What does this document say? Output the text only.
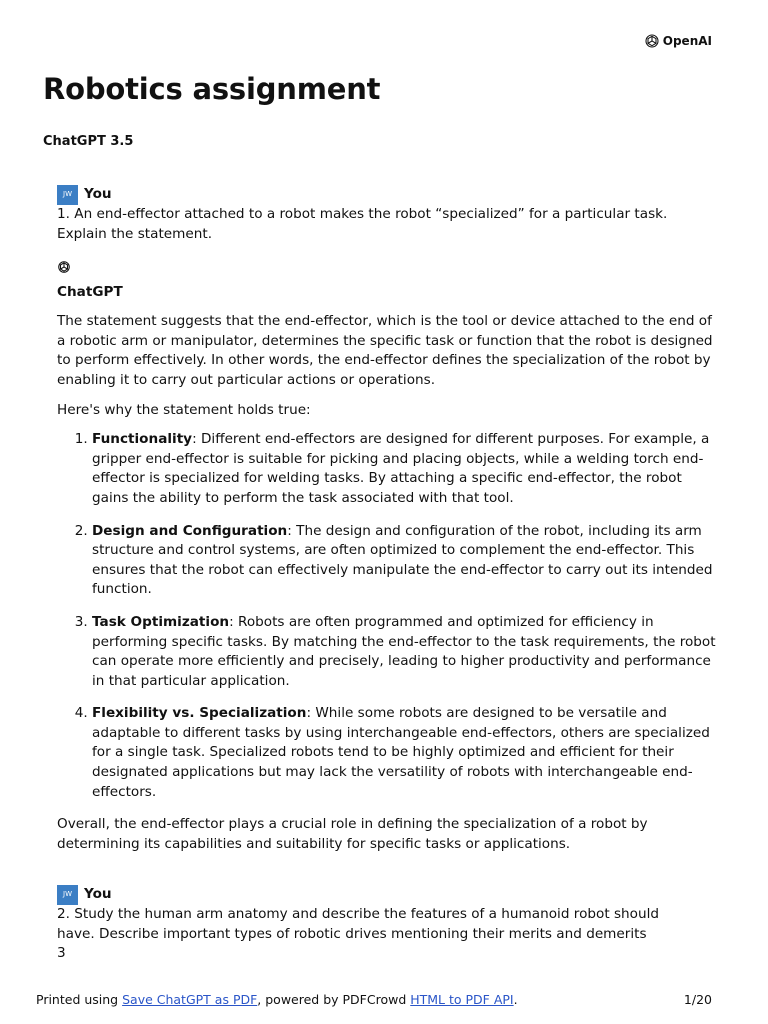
OpenAI
Robotics assignment
ChatGPT 3.5
JW You

1. An end-effector attached to a robot makes the robot “specialized” for a particular task.

Explain the statement.

ChatGPT

The statement suggests that the end-effector, which is the tool or device attached to the end of a robotic arm or manipulator, determines the specific task or function that the robot is designed to perform effectively. In other words, the end-effector defines the specialization of the robot by enabling it to carry out particular actions or operations.

Here's why the statement holds true:

1. Functionality: Different end-effectors are designed for different purposes. For example, a gripper end-effector is suitable for picking and placing objects, while a welding torch end-effector is specialized for welding tasks. By attaching a specific end-effector, the robot gains the ability to perform the task associated with that tool.
2. Design and Configuration: The design and configuration of the robot, including its arm structure and control systems, are often optimized to complement the end-effector. This ensures that the robot can effectively manipulate the end-effector to carry out its intended function.
3. Task Optimization: Robots are often programmed and optimized for efficiency in performing specific tasks. By matching the end-effector to the task requirements, the robot can operate more efficiently and precisely, leading to higher productivity and performance in that particular application.
4. Flexibility vs. Specialization: While some robots are designed to be versatile and adaptable to different tasks by using interchangeable end-effectors, others are specialized for a single task. Specialized robots tend to be highly optimized and efficient for their designated applications but may lack the versatility of robots with interchangeable end-effectors.

Overall, the end-effector plays a crucial role in defining the specialization of a robot by determining its capabilities and suitability for specific tasks or applications.

JW You

2. Study the human arm anatomy and describe the features of a humanoid robot should

have. Describe important types of robotic drives mentioning their merits and demerits

3

Printed using Save ChatGPT as PDF, powered by PDFCrowd HTML to PDF API.	1/20
